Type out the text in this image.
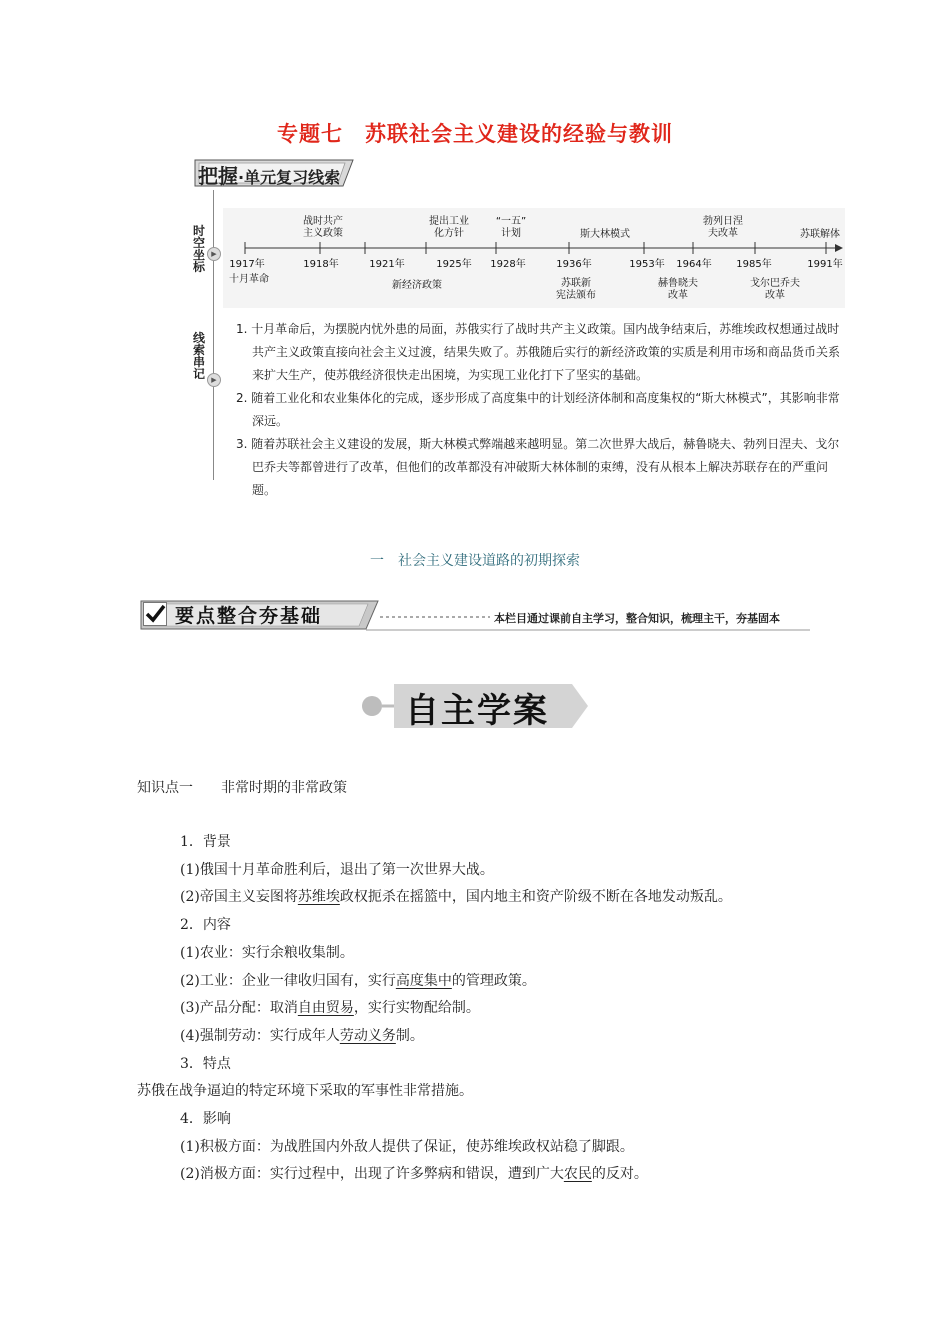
专题七　苏联社会主义建设的经验与教训
把握·单元复习线索
时空坐标
▶
线索串记 ▶
战时共产
主义政策
提出工业
化方针
“一五”
计划	斯大林模式
勃列日涅
夫改革	苏联解体
1917年	1918年	1921年	1925年	1928年	1936年	1953年	1964年	1985年	1991年
十月革命
新经济政策	苏联新
宪法颁布
赫鲁晓夫
改革
戈尔巴乔夫
改革
1. 十月革命后，为摆脱内忧外患的局面，苏俄实行了战时共产主义政策。国内战争结束后，苏维埃政权想通过战时共产主义政策直接向社会主义过渡，结果失败了。苏俄随后实行的新经济政策的实质是利用市场和商品货币关系来扩大生产，使苏俄经济很快走出困境，为实现工业化打下了坚实的基础。
2. 随着工业化和农业集体化的完成，逐步形成了高度集中的计划经济体制和高度集权的“斯大林模式”，其影响非常深远。
3. 随着苏联社会主义建设的发展，斯大林模式弊端越来越明显。第二次世界大战后，赫鲁晓夫、勃列日涅夫、戈尔巴乔夫等都曾进行了改革，但他们的改革都没有冲破斯大林体制的束缚，没有从根本上解决苏联存在的严重问题。
一　社会主义建设道路的初期探索
要点整合夯基础	本栏目通过课前自主学习，整合知识，梳理主干，夯基固本
自主学案
知识点一　　非常时期的非常政策
1．背景
(1)俄国十月革命胜利后，退出了第一次世界大战。
(2)帝国主义妄图将苏维埃政权扼杀在摇篮中，国内地主和资产阶级不断在各地发动叛乱。
2．内容
(1)农业：实行余粮收集制。
(2)工业：企业一律收归国有，实行高度集中的管理政策。
(3)产品分配：取消自由贸易，实行实物配给制。
(4)强制劳动：实行成年人劳动义务制。
3．特点
苏俄在战争逼迫的特定环境下采取的军事性非常措施。
4．影响
(1)积极方面：为战胜国内外敌人提供了保证，使苏维埃政权站稳了脚跟。
(2)消极方面：实行过程中，出现了许多弊病和错误，遭到广大农民的反对。
